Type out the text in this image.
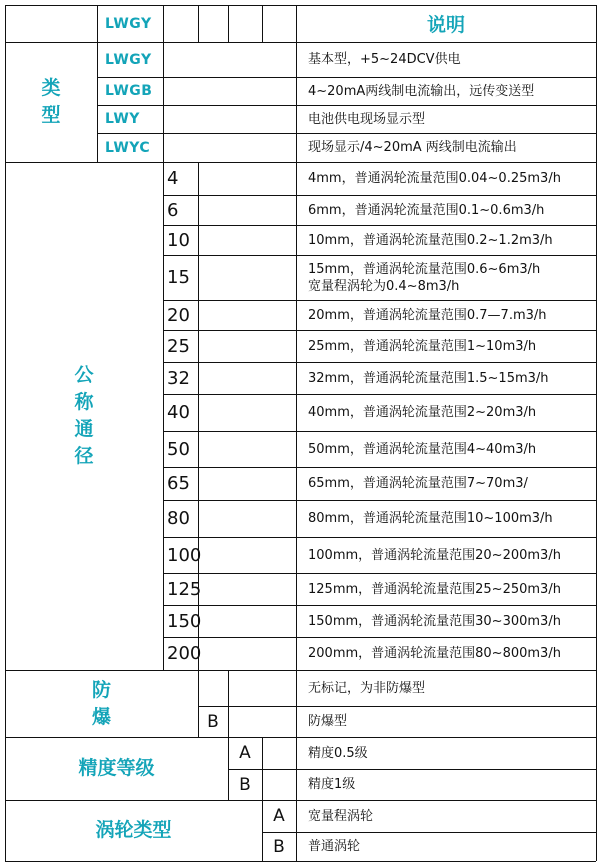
LWGY	说明
类
型
公
称
通
径
防
爆
精度等级
涡轮类型
LWGY	基本型，+5~24DCV供电
LWGB	4~20mA两线制电流输出，远传变送型
LWY	电池供电现场显示型
LWYC	现场显示/4~20mA 两线制电流输出
4	4mm，普通涡轮流量范围0.04~0.25m3/h
6	6mm，普通涡轮流量范围0.1~0.6m3/h
10	10mm，普通涡轮流量范围0.2~1.2m3/h
15	15mm，普通涡轮流量范围0.6~6m3/h
宽量程涡轮为0.4~8m3/h
20	20mm，普通涡轮流量范围0.7—7.m3/h
25	25mm，普通涡轮流量范围1~10m3/h
32	32mm，普通涡轮流量范围1.5~15m3/h
40	40mm，普通涡轮流量范围2~20m3/h
50	50mm，普通涡轮流量范围4~40m3/h
65	65mm，普通涡轮流量范围7~70m3/
80	80mm，普通涡轮流量范围10~100m3/h
100	100mm，普通涡轮流量范围20~200m3/h
125	125mm，普通涡轮流量范围25~250m3/h
150	150mm，普通涡轮流量范围30~300m3/h
200	200mm，普通涡轮流量范围80~800m3/h
无标记，为非防爆型
B	防爆型
A	精度0.5级
B	精度1级
A	宽量程涡轮
B	普通涡轮
